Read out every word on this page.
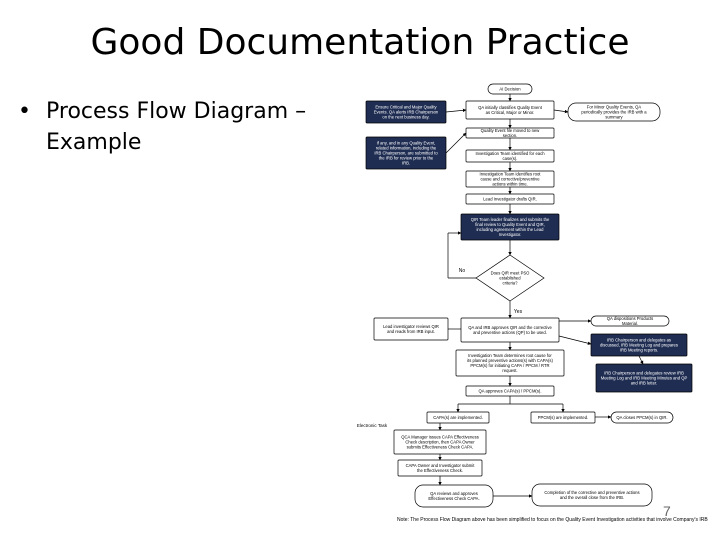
Good Documentation Practice
• Process Flow Diagram – Example
AI Decision
QA initially classifies Quality Event as Critical, Major or Minor.
Quality Event file moved to new section.
Investigation Team identified for each case(s).
Investigation Team identifies root cause and corrective/preventive actions within time.
Lead Investigator drafts QIR.
QIR Team leader finalizes and submits the final review to Quality Event and QIR, including agreement within the Lead Investigator.
Does QIR meet PSO established criteria?
QA and IRB approves QIR and the corrective and preventive actions (QP) to be used.
Investigation Team determines root cause for its planned preventive actions(s) with CAPA(s) PPCM(s) for initiating CAPA / PPCM / RTR request.
QA approves CAPA(s) / PPCM(s).
CAPA(s) are implemented.
QCA Manager issues CAPA Effectiveness Check description, then CAPA Owner submits Effectiveness Check CAPA.
CAPA Owner and Investigator submit the Effectiveness Check.
QA reviews and approves Effectiveness Check CAPA.
Ensure Critical and Major Quality Events. QA alerts IRB Chairperson on the next business day.
If any, and in any Quality Event, related information, including the IRB Chairperson, are submitted to the IRB for review prior to the IRB.
Lead investigator reviews QIR and reads from IRB input.
For Minor Quality Events, QA periodically provides the IRB with a summary
QA dispositions Products Material.
IRB Chairperson and delegates as discussed, IRB Meeting Log and prepares IRB Meeting reports.
IRB Chairperson and delegates review IRB Meeting Log and IRB Meeting Minutes and QP and IRB letter.
PPCM(s) are implemented.	QA closes PPCM(s) in QIR.
Completion of the corrective and preventive actions and the overall close from the IRB.
No
Yes
Electronic Task
7
Note: The Process Flow Diagram above has been simplified to focus on the Quality Event Investigation activities that involve Company's IRB
